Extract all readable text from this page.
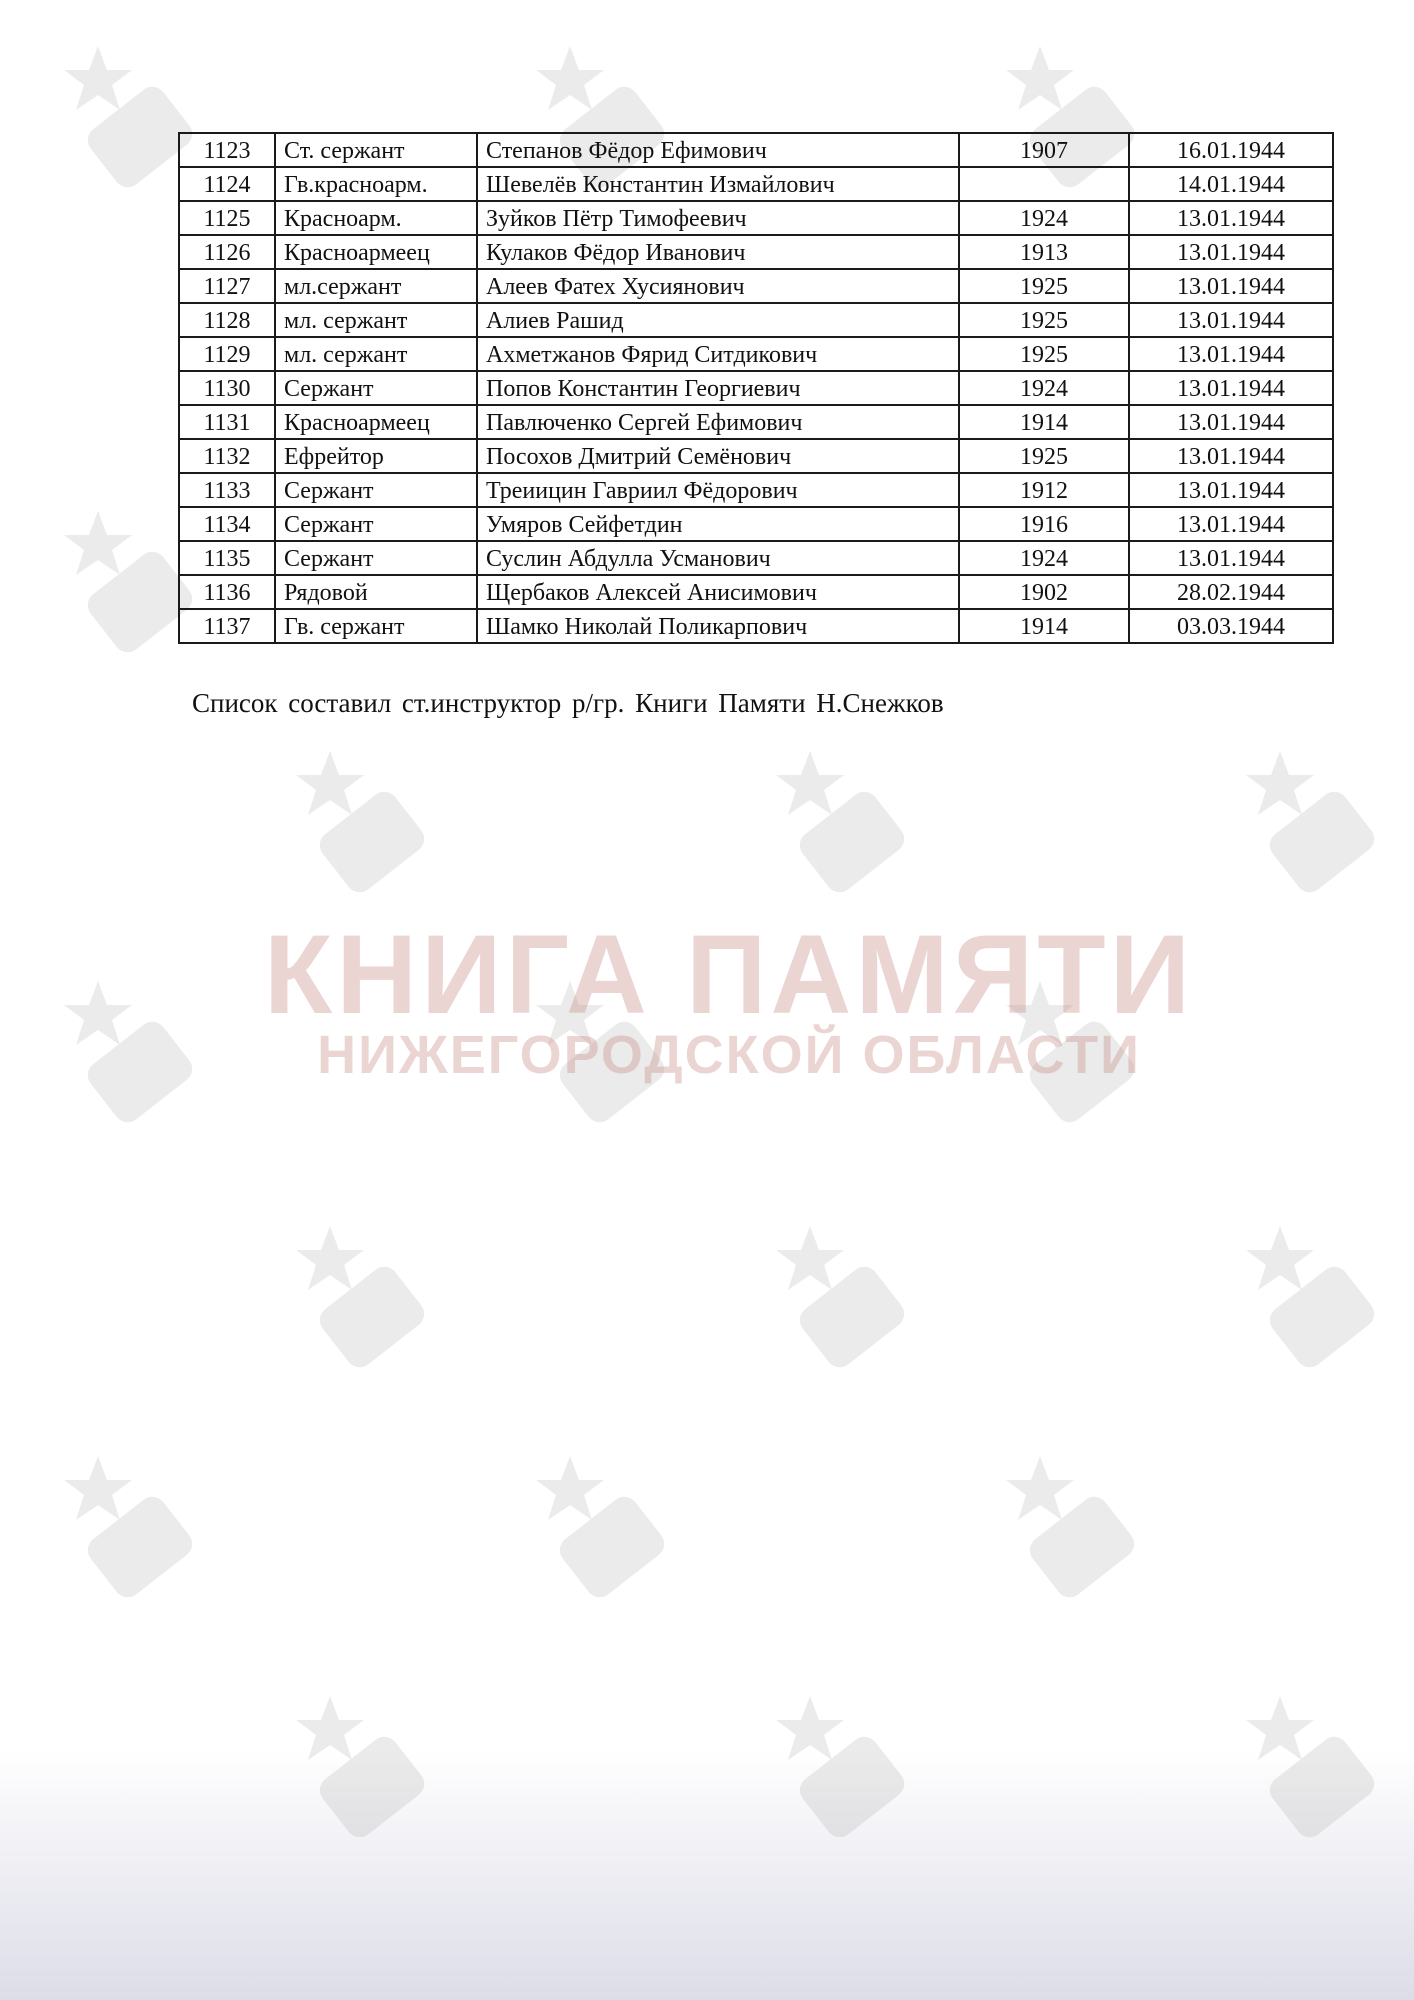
КНИГА ПАМЯТИ
НИЖЕГОРОДСКОЙ ОБЛАСТИ
1123	Ст. сержант	Степанов Фёдор Ефимович	1907	16.01.1944
1124	Гв.красноарм.	Шевелёв Константин Измайлович		14.01.1944
1125	Красноарм.	Зуйков Пётр Тимофеевич	1924	13.01.1944
1126	Красноармеец	Кулаков Фёдор Иванович	1913	13.01.1944
1127	мл.сержант	Алеев Фатех Хусиянович	1925	13.01.1944
1128	мл. сержант	Алиев Рашид	1925	13.01.1944
1129	мл. сержант	Ахметжанов Фярид Ситдикович	1925	13.01.1944
1130	Сержант	Попов Константин Георгиевич	1924	13.01.1944
1131	Красноармеец	Павлюченко Сергей Ефимович	1914	13.01.1944
1132	Ефрейтор	Посохов Дмитрий Семёнович	1925	13.01.1944
1133	Сержант	Треиицин Гавриил Фёдорович	1912	13.01.1944
1134	Сержант	Умяров Сейфетдин	1916	13.01.1944
1135	Сержант	Суслин Абдулла Усманович	1924	13.01.1944
1136	Рядовой	Щербаков Алексей Анисимович	1902	28.02.1944
1137	Гв. сержант	Шамко Николай Поликарпович	1914	03.03.1944
Список составил ст.инструктор р/гр. Книги Памяти Н.Снежков
